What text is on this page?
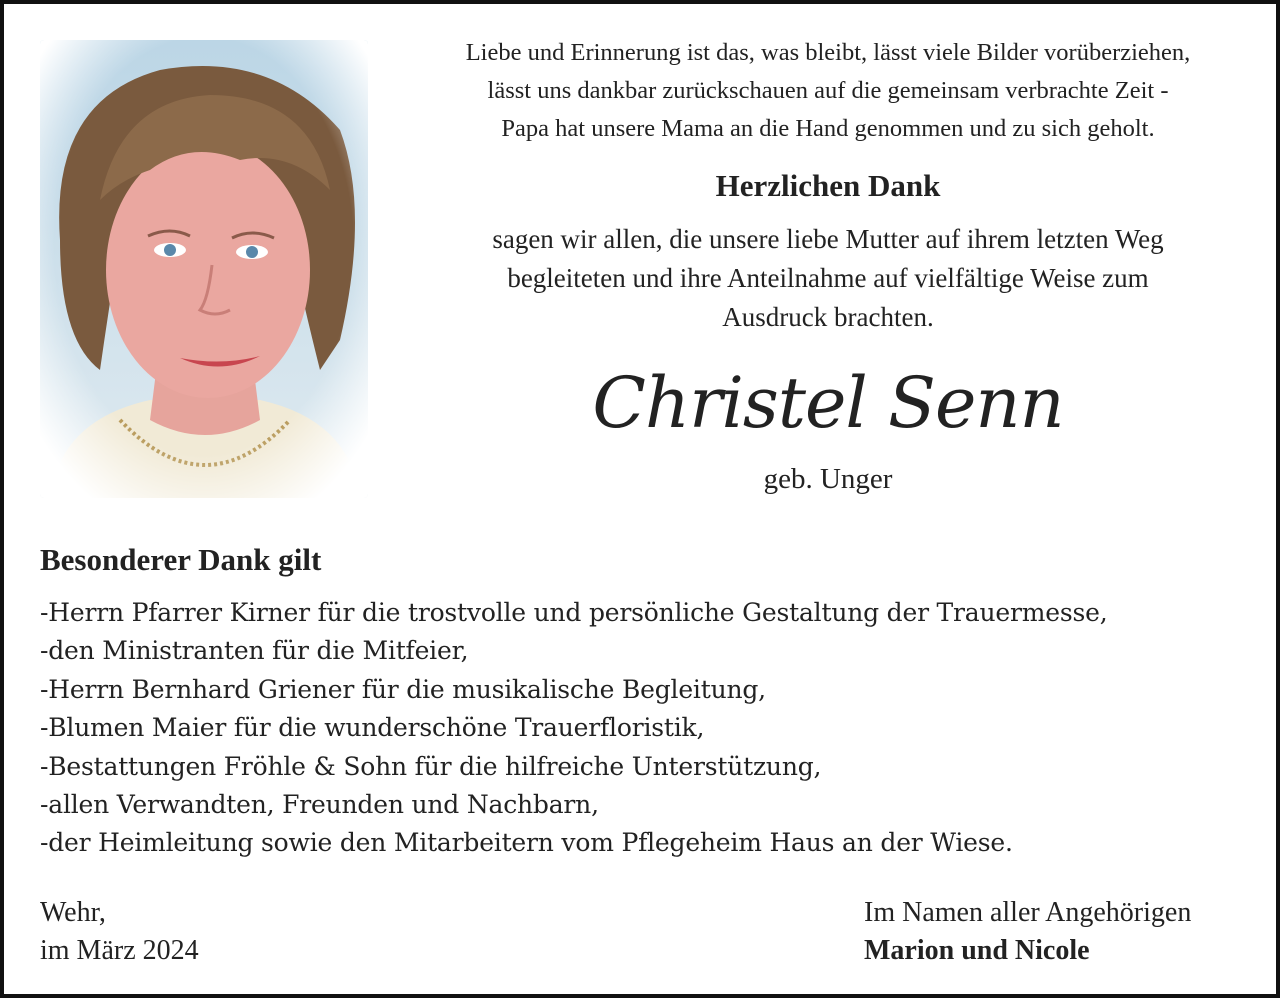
Liebe und Erinnerung ist das, was bleibt, lässt viele Bilder vorüberziehen,
lässt uns dankbar zurückschauen auf die gemeinsam verbrachte Zeit -
Papa hat unsere Mama an die Hand genommen und zu sich geholt.
Herzlichen Dank
sagen wir allen, die unsere liebe Mutter auf ihrem letzten Weg
begleiteten und ihre Anteilnahme auf vielfältige Weise zum
Ausdruck brachten.
Christel Senn
geb. Unger
Besonderer Dank gilt
-Herrn Pfarrer Kirner für die trostvolle und persönliche Gestaltung der Trauermesse,
-den Ministranten für die Mitfeier,
-Herrn Bernhard Griener für die musikalische Begleitung,
-Blumen Maier für die wunderschöne Trauerfloristik,
-Bestattungen Fröhle & Sohn für die hilfreiche Unterstützung,
-allen Verwandten, Freunden und Nachbarn,
-der Heimleitung sowie den Mitarbeitern vom Pflegeheim Haus an der Wiese.
Wehr,
im März 2024
Im Namen aller Angehörigen
Marion und Nicole
